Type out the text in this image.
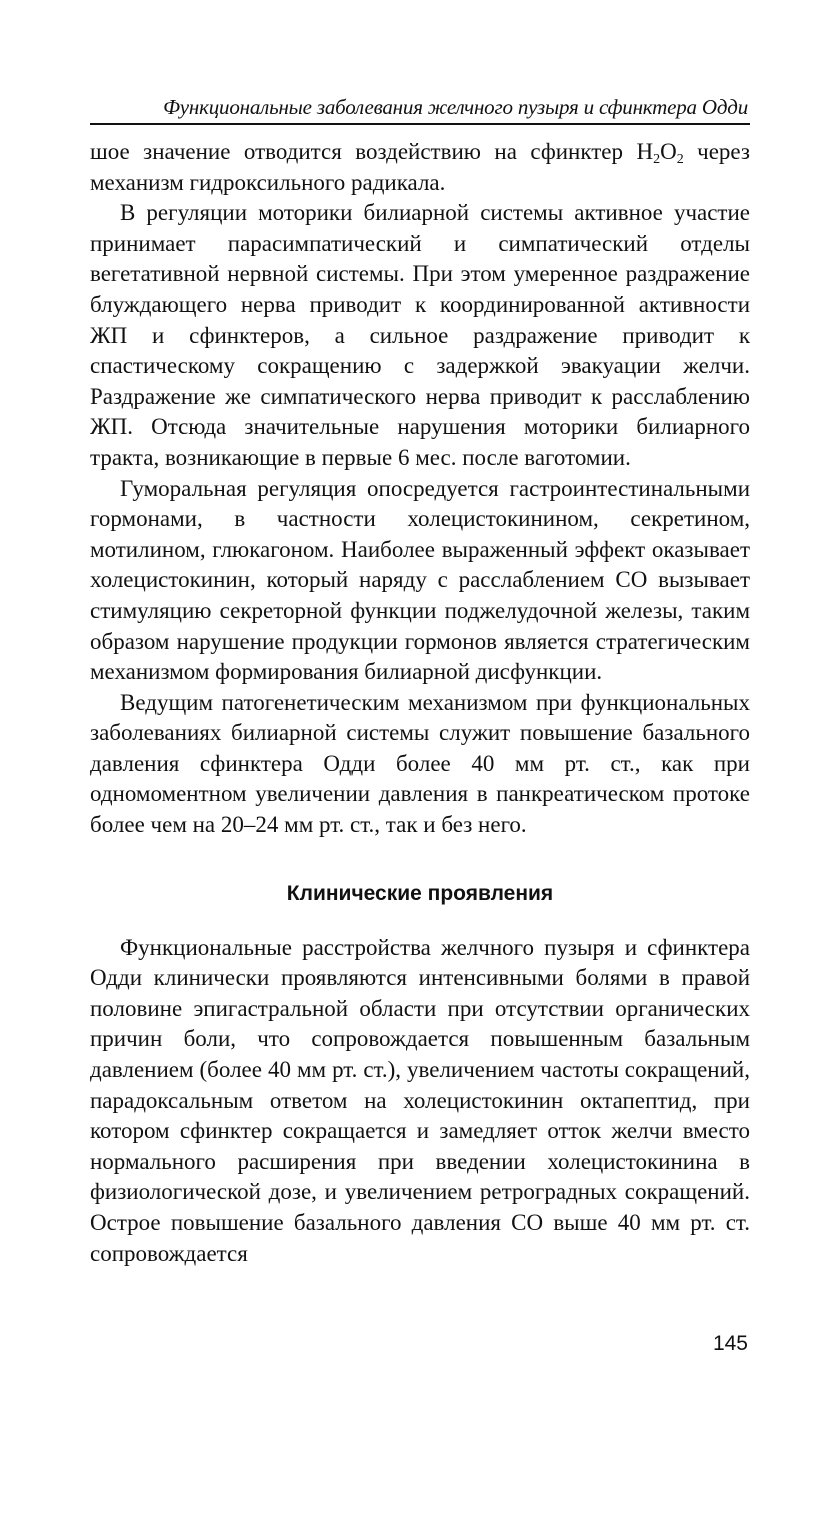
Функциональные заболевания желчного пузыря и сфинктера Одди

шое значение отводится воздействию на сфинктер $H_2O_2$ через механизм гидроксильного радикала.

В регуляции моторики билиарной системы активное участие принимает парасимпатический и симпатический отделы вегетативной нервной системы. При этом умеренное раздражение блуждающего нерва приводит к координированной активности ЖП и сфинктеров, а сильное раздражение приводит к спастическому сокращению с задержкой эвакуации желчи. Раздражение же симпатического нерва приводит к расслаблению ЖП. Отсюда значительные нарушения моторики билиарного тракта, возникающие в первые 6 мес. после ваготомии.

Гуморальная регуляция опосредуется гастроинтестинальными гормонами, в частности холецистокинином, секретином, мотилином, глюкагоном. Наиболее выраженный эффект оказывает холецистокинин, который наряду с расслаблением СО вызывает стимуляцию секреторной функции поджелудочной железы, таким образом нарушение продукции гормонов является стратегическим механизмом формирования билиарной дисфункции.

Ведущим патогенетическим механизмом при функциональных заболеваниях билиарной системы служит повышение базального давления сфинктера Одди более 40 мм рт. ст., как при одномоментном увеличении давления в панкреатическом протоке более чем на 20–24 мм рт. ст., так и без него.

Клинические проявления

Функциональные расстройства желчного пузыря и сфинктера Одди клинически проявляются интенсивными болями в правой половине эпигастральной области при отсутствии органических причин боли, что сопровождается повышенным базальным давлением (более 40 мм рт. ст.), увеличением частоты сокращений, парадоксальным ответом на холецистокинин октапептид, при котором сфинктер сокращается и замедляет отток желчи вместо нормального расширения при введении холецистокинина в физиологической дозе, и увеличением ретроградных сокращений. Острое повышение базального давления СО выше 40 мм рт. ст. сопровождается

145
